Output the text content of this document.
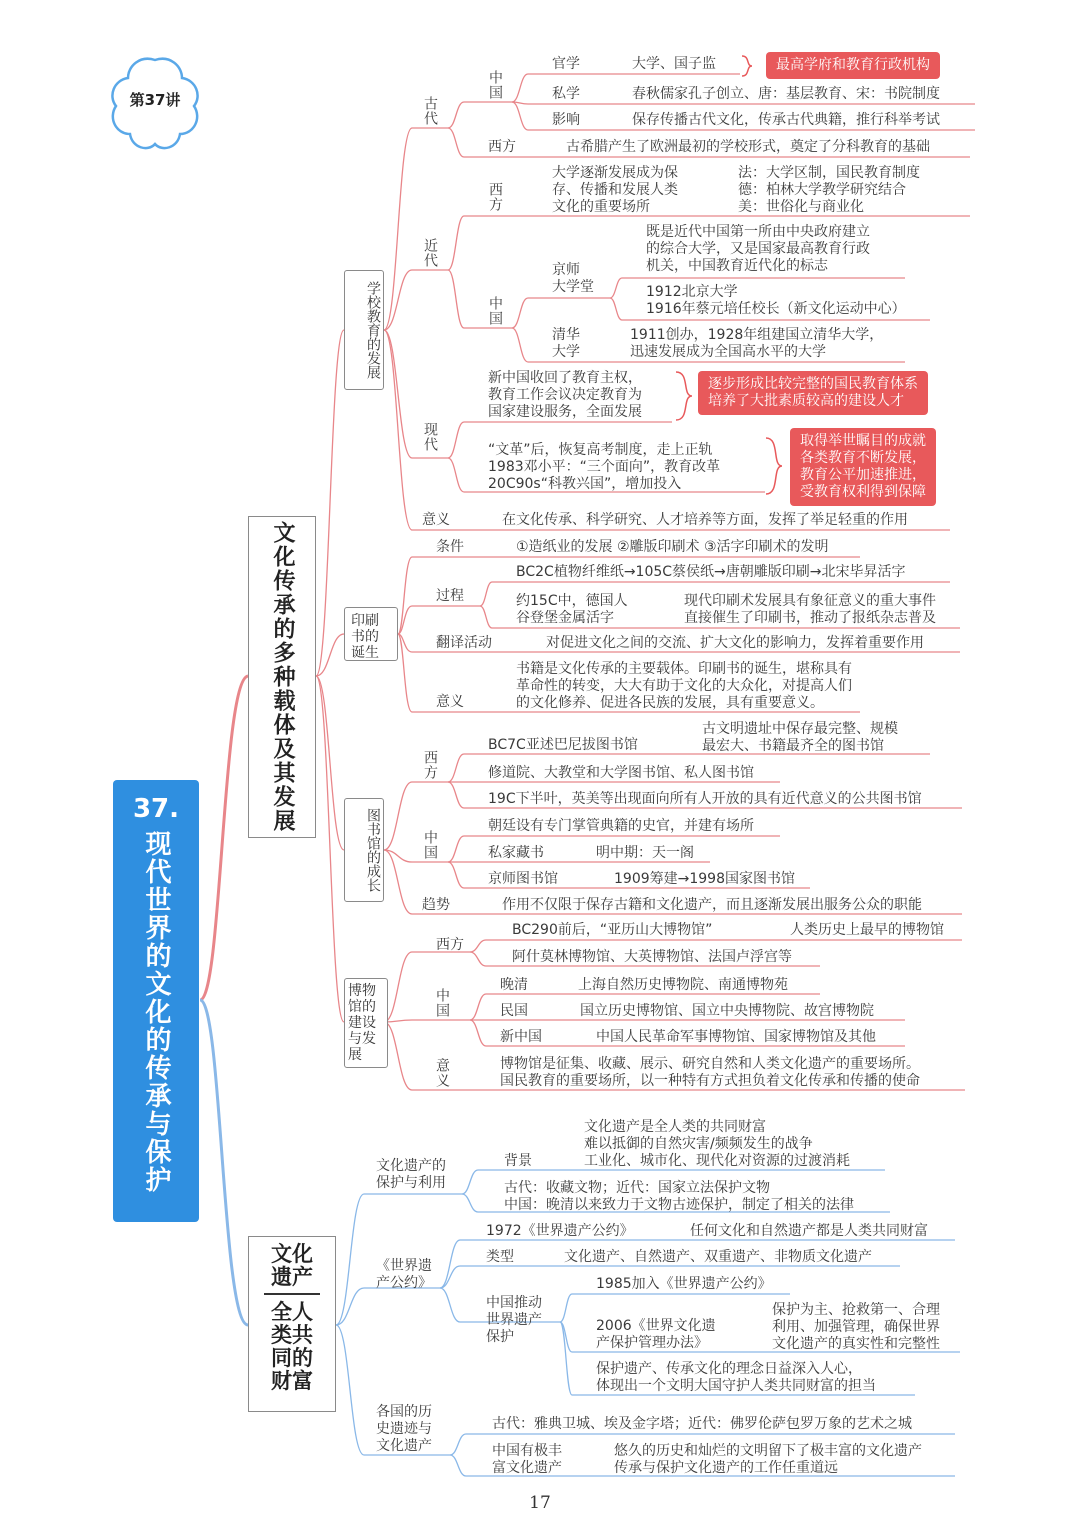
第37讲
37.
现代世界的文化的传承与保护
文化传承的多种载体及其发展
学校教育的发展
古代
中国
官学	大学、国子监	最高学府和教育行政机构
私学	春秋儒家孔子创立、唐：基层教育、宋：书院制度
影响	保存传播古代文化，传承古代典籍，推行科举考试
西方	古希腊产生了欧洲最初的学校形式，奠定了分科教育的基础
近代
西方
大学逐渐发展成为保
存、传播和发展人类
文化的重要场所
法：大学区制，国民教育制度
德：柏林大学教学研究结合
美：世俗化与商业化
中国
京师
大学堂
既是近代中国第一所由中央政府建立
的综合大学，又是国家最高教育行政
机关，中国教育近代化的标志
1912北京大学
1916年蔡元培任校长（新文化运动中心）
清华
大学
1911创办，1928年组建国立清华大学，
迅速发展成为全国高水平的大学
现代
新中国收回了教育主权，
教育工作会议决定教育为
国家建设服务，全面发展
逐步形成比较完整的国民教育体系
培养了大批素质较高的建设人才
“文革”后，恢复高考制度，走上正轨
1983邓小平：“三个面向”，教育改革
20C90s“科教兴国”，增加投入
取得举世瞩目的成就
各类教育不断发展，
教育公平加速推进，
受教育权利得到保障
意义	在文化传承、科学研究、人才培养等方面，发挥了举足轻重的作用
印刷
书的
诞生
条件	①造纸业的发展 ②雕版印刷术 ③活字印刷术的发明
过程
BC2C植物纤维纸→105C蔡侯纸→唐朝雕版印刷→北宋毕昇活字
约15C中，德国人
谷登堡金属活字
现代印刷术发展具有象征意义的重大事件
直接催生了印刷书，推动了报纸杂志普及
翻译活动	对促进文化之间的交流、扩大文化的影响力，发挥着重要作用
意义
书籍是文化传承的主要载体。印刷书的诞生，堪称具有
革命性的转变，大大有助于文化的大众化，对提高人们
的文化修养、促进各民族的发展，具有重要意义。
图书馆的成长
西方
BC7C亚述巴尼拔图书馆
古文明遗址中保存最完整、规模
最宏大、书籍最齐全的图书馆
修道院、大教堂和大学图书馆、私人图书馆
19C下半叶，英美等出现面向所有人开放的具有近代意义的公共图书馆
中国
朝廷设有专门掌管典籍的史官，并建有场所
私家藏书	明中期：天一阁
京师图书馆	1909筹建→1998国家图书馆
趋势	作用不仅限于保存古籍和文化遗产，而且逐渐发展出服务公众的职能
博物
馆的
建设
与发
展
西方
BC290前后，“亚历山大博物馆”	人类历史上最早的博物馆
阿什莫林博物馆、大英博物馆、法国卢浮宫等
中国
晚清	上海自然历史博物院、南通博物苑
民国	国立历史博物馆、国立中央博物院、故宫博物院
新中国	中国人民革命军事博物馆、国家博物馆及其他
意义	博物馆是征集、收藏、展示、研究自然和人类文化遗产的重要场所。
国民教育的重要场所，以一种特有方式担负着文化传承和传播的使命
文化
遗产
全人
类共
同的
财富
文化遗产的
保护与利用
背景
文化遗产是全人类的共同财富
难以抵御的自然灾害/频频发生的战争
工业化、城市化、现代化对资源的过渡消耗
古代：收藏文物；近代：国家立法保护文物
中国：晚清以来致力于文物古迹保护，制定了相关的法律
《世界遗
产公约》
1972《世界遗产公约》	任何文化和自然遗产都是人类共同财富
类型	文化遗产、自然遗产、双重遗产、非物质文化遗产
中国推动
世界遗产
保护
1985加入《世界遗产公约》
2006《世界文化遗
产保护管理办法》
保护为主、抢救第一、合理
利用、加强管理，确保世界
文化遗产的真实性和完整性
保护遗产、传承文化的理念日益深入人心，
体现出一个文明大国守护人类共同财富的担当
各国的历
史遗迹与
文化遗产
古代：雅典卫城、埃及金字塔；近代：佛罗伦萨包罗万象的艺术之城
中国有极丰
富文化遗产
悠久的历史和灿烂的文明留下了极丰富的文化遗产
传承与保护文化遗产的工作任重道远
17
